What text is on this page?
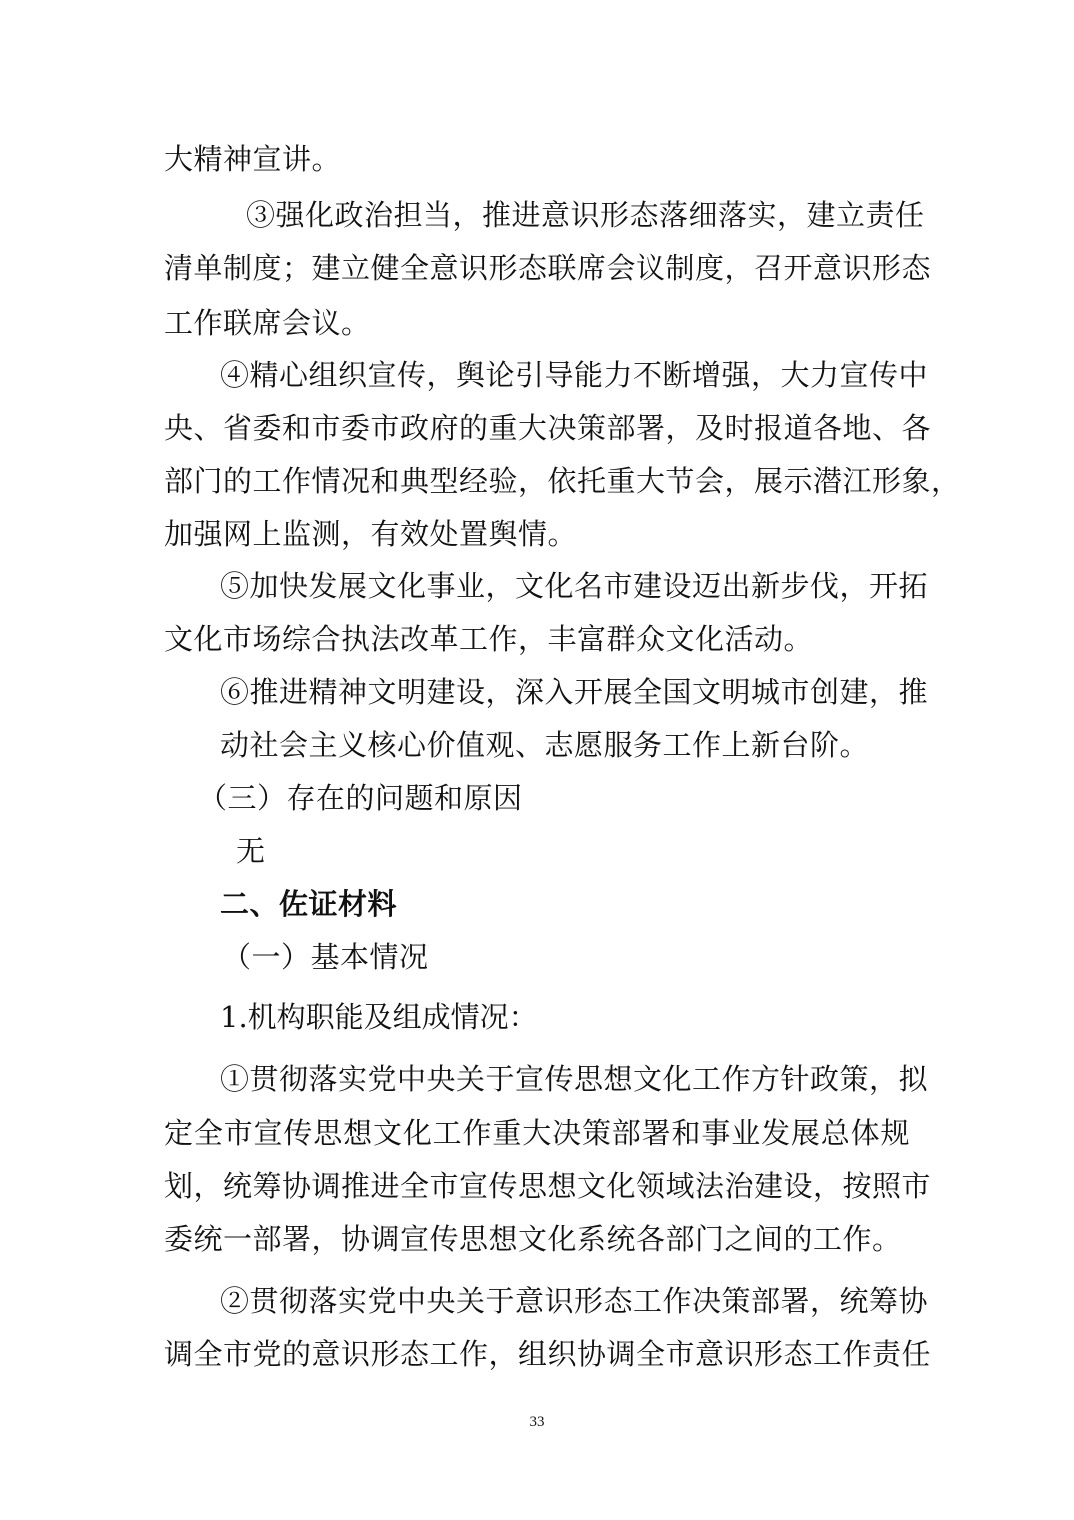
大精神宣讲。
③强化政治担当，推进意识形态落细落实，建立责任
清单制度；建立健全意识形态联席会议制度，召开意识形态
工作联席会议。
④精心组织宣传，舆论引导能力不断增强，大力宣传中
央、省委和市委市政府的重大决策部署，及时报道各地、各
部门的工作情况和典型经验，依托重大节会，展示潜江形象，
加强网上监测，有效处置舆情。
⑤加快发展文化事业，文化名市建设迈出新步伐，开拓
文化市场综合执法改革工作，丰富群众文化活动。
⑥推进精神文明建设，深入开展全国文明城市创建，推
动社会主义核心价值观、志愿服务工作上新台阶。
（三）存在的问题和原因
无
二、佐证材料
（一）基本情况
1.机构职能及组成情况：
①贯彻落实党中央关于宣传思想文化工作方针政策，拟
定全市宣传思想文化工作重大决策部署和事业发展总体规
划，统筹协调推进全市宣传思想文化领域法治建设，按照市
委统一部署，协调宣传思想文化系统各部门之间的工作。
②贯彻落实党中央关于意识形态工作决策部署，统筹协
调全市党的意识形态工作，组织协调全市意识形态工作责任
33
